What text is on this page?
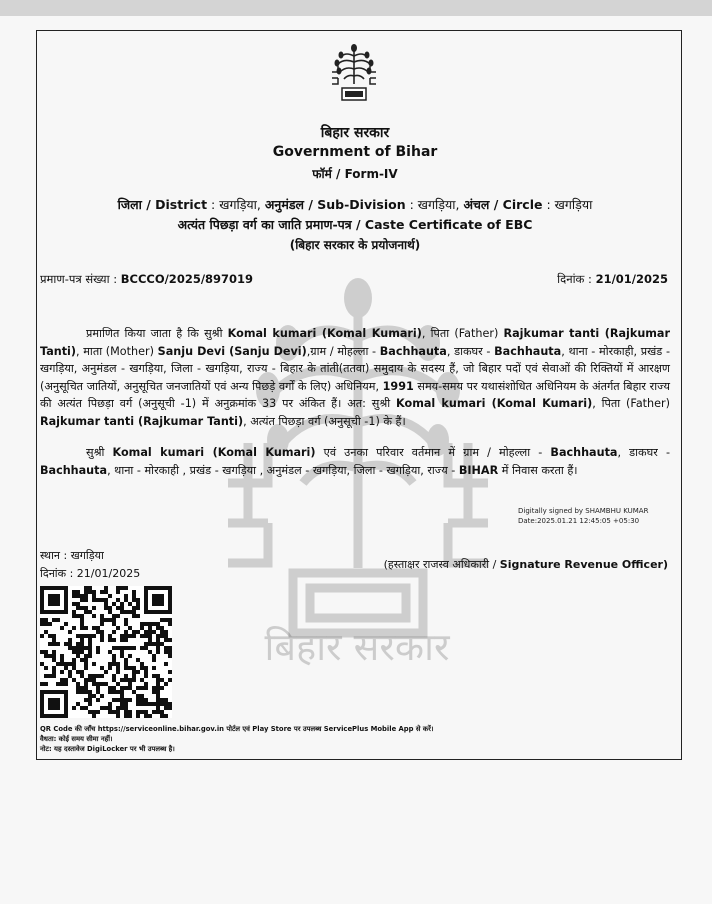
बिहार सरकार
बिहार सरकार
Government of Bihar
फॉर्म / Form-IV
जिला / District : खगड़िया, अनुमंडल / Sub-Division : खगड़िया, अंचल / Circle : खगड़िया
अत्यंत पिछड़ा वर्ग का जाति प्रमाण-पत्र / Caste Certificate of EBC
(बिहार सरकार के प्रयोजनार्थ)
प्रमाण-पत्र संख्या : BCCCO/2025/897019	दिनांक : 21/01/2025

प्रमाणित किया जाता है कि सुश्री Komal kumari (Komal Kumari), पिता (Father) Rajkumar tanti (Rajkumar Tanti), माता (Mother) Sanju Devi (Sanju Devi),ग्राम / मोहल्ला - Bachhauta, डाकघर - Bachhauta, थाना - मोरकाही, प्रखंड - खगड़िया, अनुमंडल - खगड़िया, जिला - खगड़िया, राज्य - बिहार के तांती(ततवा) समुदाय के सदस्य हैं, जो बिहार पदों एवं सेवाओं की रिक्तियों में आरक्षण (अनुसूचित जातियों, अनुसूचित जनजातियों एवं अन्य पिछड़े वर्गों के लिए) अधिनियम, 1991 समय-समय पर यथासंशोधित अधिनियम के अंतर्गत बिहार राज्य की अत्यंत पिछड़ा वर्ग (अनुसूची -1) में अनुक्रमांक 33 पर अंकित हैं। अत: सुश्री Komal kumari (Komal Kumari), पिता (Father) Rajkumar tanti (Rajkumar Tanti), अत्यंत पिछड़ा वर्ग (अनुसूची -1) के हैं।

सुश्री Komal kumari (Komal Kumari) एवं उनका परिवार वर्तमान में ग्राम / मोहल्ला - Bachhauta, डाकघर - Bachhauta, थाना - मोरकाही , प्रखंड - खगड़िया , अनुमंडल - खगड़िया, जिला - खगड़िया, राज्य - BIHAR में निवास करता हैं।

Digitally signed by SHAMBHU KUMAR
Date:2025.01.21 12:45:05 +05:30
स्थान : खगड़िया
दिनांक : 21/01/2025
(हस्ताक्षर राजस्व अधिकारी / Signature Revenue Officer)
QR Code की जाँच https://serviceonline.bihar.gov.in पोर्टल एवं Play Store पर उपलब्ध ServicePlus Mobile App से करें।
वैधता: कोई समय सीमा नहीं।
नोट: यह दस्तावेज DigiLocker पर भी उपलब्ध है।
